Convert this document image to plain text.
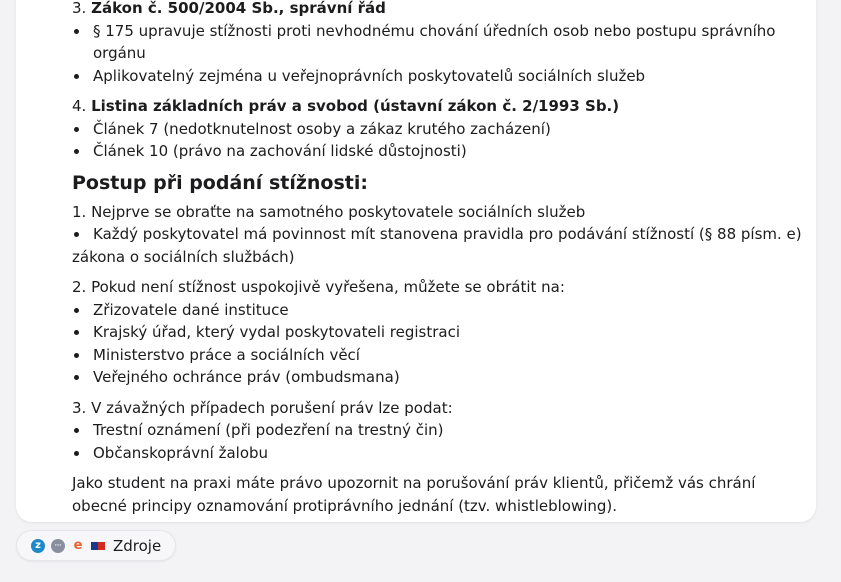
3. Zákon č. 500/2004 Sb., správní řád
§ 175 upravuje stížnosti proti nevhodnému chování úředních osob nebo postupu správního orgánu
Aplikovatelný zejména u veřejnoprávních poskytovatelů sociálních služeb
4. Listina základních práv a svobod (ústavní zákon č. 2/1993 Sb.)
Článek 7 (nedotknutelnost osoby a zákaz krutého zacházení)
Článek 10 (právo na zachování lidské důstojnosti)
Postup při podání stížnosti:
1. Nejprve se obraťte na samotného poskytovatele sociálních služeb
Každý poskytovatel má povinnost mít stanovena pravidla pro podávání stížností (§ 88 písm. e) zákona o sociálních službách)
2. Pokud není stížnost uspokojivě vyřešena, můžete se obrátit na:
Zřizovatele dané instituce
Krajský úřad, který vydal poskytovateli registraci
Ministerstvo práce a sociálních věcí
Veřejného ochránce práv (ombudsmana)
3. V závažných případech porušení práv lze podat:
Trestní oznámení (při podezření na trestný čin)
Občanskoprávní žalobu

Jako student na praxi máte právo upozornit na porušování práv klientů, přičemž vás chrání obecné principy oznamování protiprávního jednání (tzv. whistleblowing).

z	··· e Zdroje
